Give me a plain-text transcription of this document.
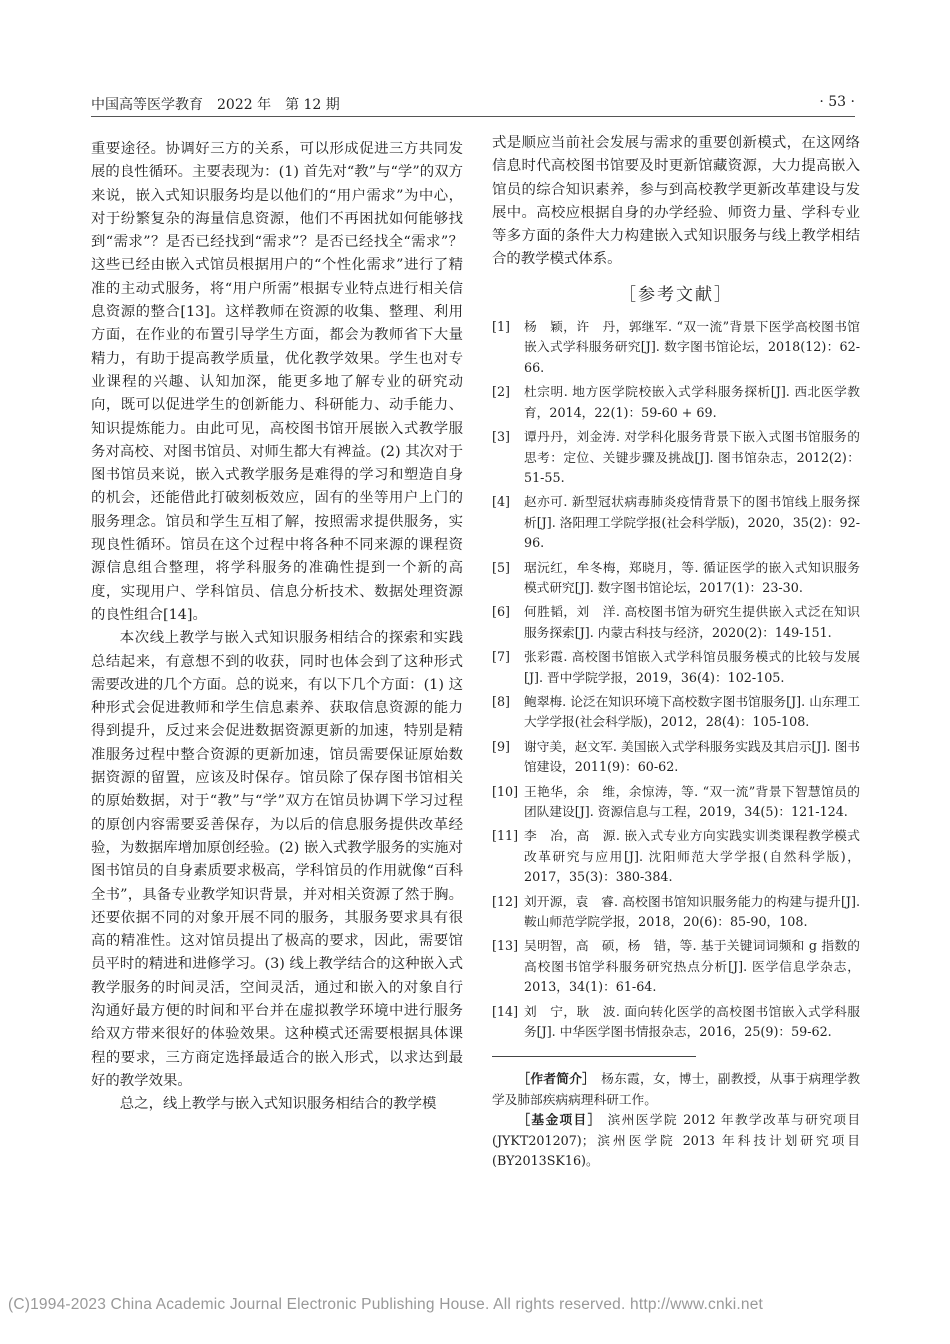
中国高等医学教育　2022 年　第 12 期	· 53 ·

重要途径。协调好三方的关系，可以形成促进三方共同发展的良性循环。主要表现为：(1) 首先对“教”与“学”的双方来说，嵌入式知识服务均是以他们的“用户需求”为中心，对于纷繁复杂的海量信息资源，他们不再困扰如何能够找到“需求”？是否已经找到“需求”？是否已经找全“需求”？这些已经由嵌入式馆员根据用户的“个性化需求”进行了精准的主动式服务，将“用户所需”根据专业特点进行相关信息资源的整合[13]。这样教师在资源的收集、整理、利用方面，在作业的布置引导学生方面，都会为教师省下大量精力，有助于提高教学质量，优化教学效果。学生也对专业课程的兴趣、认知加深，能更多地了解专业的研究动向，既可以促进学生的创新能力、科研能力、动手能力、知识提炼能力。由此可见，高校图书馆开展嵌入式教学服务对高校、对图书馆员、对师生都大有裨益。(2) 其次对于图书馆员来说，嵌入式教学服务是难得的学习和塑造自身的机会，还能借此打破刻板效应，固有的坐等用户上门的服务理念。馆员和学生互相了解，按照需求提供服务，实现良性循环。馆员在这个过程中将各种不同来源的课程资源信息组合整理，将学科服务的准确性提到一个新的高度，实现用户、学科馆员、信息分析技术、数据处理资源的良性组合[14]。

本次线上教学与嵌入式知识服务相结合的探索和实践总结起来，有意想不到的收获，同时也体会到了这种形式需要改进的几个方面。总的说来，有以下几个方面：(1) 这种形式会促进教师和学生信息素养、获取信息资源的能力得到提升，反过来会促进数据资源更新的加速，特别是精准服务过程中整合资源的更新加速，馆员需要保证原始数据资源的留置，应该及时保存。馆员除了保存图书馆相关的原始数据，对于“教”与“学”双方在馆员协调下学习过程的原创内容需要妥善保存，为以后的信息服务提供改革经验，为数据库增加原创经验。(2) 嵌入式教学服务的实施对图书馆员的自身素质要求极高，学科馆员的作用就像“百科全书”，具备专业教学知识背景，并对相关资源了然于胸。还要依据不同的对象开展不同的服务，其服务要求具有很高的精准性。这对馆员提出了极高的要求，因此，需要馆员平时的精进和进修学习。(3) 线上教学结合的这种嵌入式教学服务的时间灵活，空间灵活，通过和嵌入的对象自行沟通好最方便的时间和平台并在虚拟教学环境中进行服务给双方带来很好的体验效果。这种模式还需要根据具体课程的要求，三方商定选择最适合的嵌入形式，以求达到最好的教学效果。

总之，线上教学与嵌入式知识服务相结合的教学模

式是顺应当前社会发展与需求的重要创新模式，在这网络信息时代高校图书馆要及时更新馆藏资源，大力提高嵌入馆员的综合知识素养，参与到高校教学更新改革建设与发展中。高校应根据自身的办学经验、师资力量、学科专业等多方面的条件大力构建嵌入式知识服务与线上教学相结合的教学模式体系。

［参考文献］
[1]	杨　颖，许　丹，郭继军. “双一流”背景下医学高校图书馆嵌入式学科服务研究[J]. 数字图书馆论坛，2018(12)：62-66.
[2]	杜宗明. 地方医学院校嵌入式学科服务探析[J]. 西北医学教育，2014，22(1)：59-60 + 69.
[3]	谭丹丹，刘金涛. 对学科化服务背景下嵌入式图书馆服务的思考：定位、关键步骤及挑战[J]. 图书馆杂志，2012(2)：51-55.
[4]	赵亦可. 新型冠状病毒肺炎疫情背景下的图书馆线上服务探析[J]. 洛阳理工学院学报(社会科学版)，2020，35(2)：92-96.
[5]	琚沅红，牟冬梅，郑晓月，等. 循证医学的嵌入式知识服务模式研究[J]. 数字图书馆论坛，2017(1)：23-30.
[6]	何胜韬，刘　洋. 高校图书馆为研究生提供嵌入式泛在知识服务探索[J]. 内蒙古科技与经济，2020(2)：149-151.
[7]	张彩霞. 高校图书馆嵌入式学科馆员服务模式的比较与发展[J]. 晋中学院学报，2019，36(4)：102-105.
[8]	鲍翠梅. 论泛在知识环境下高校数字图书馆服务[J]. 山东理工大学学报(社会科学版)，2012，28(4)：105-108.
[9]	谢守美，赵文军. 美国嵌入式学科服务实践及其启示[J]. 图书馆建设，2011(9)：60-62.
[10] 王艳华，余　维，余惊涛，等. “双一流”背景下智慧馆员的团队建设[J]. 资源信息与工程，2019，34(5)：121-124.
[11] 李　冶，高　源. 嵌入式专业方向实践实训类课程教学模式改革研究与应用[J]. 沈阳师范大学学报(自然科学版)，2017，35(3)：380-384.
[12] 刘开源，袁　睿. 高校图书馆知识服务能力的构建与提升[J]. 鞍山师范学院学报，2018，20(6)：85-90，108.
[13] 吴明智，高　硕，杨　错，等. 基于关键词词频和 g 指数的高校图书馆学科服务研究热点分析[J]. 医学信息学杂志，2013，34(1)：61-64.
[14] 刘　宁，耿　波. 面向转化医学的高校图书馆嵌入式学科服务[J]. 中华医学图书情报杂志，2016，25(9)：59-62.

［作者简介］ 杨东霞，女，博士，副教授，从事于病理学教学及肺部疾病病理科研工作。

［基金项目］ 滨州医学院 2012 年教学改革与研究项目(JYKT201207)；滨州医学院 2013 年科技计划研究项目(BY2013SK16)。

(C)1994-2023 China Academic Journal Electronic Publishing House. All rights reserved. http://www.cnki.net
